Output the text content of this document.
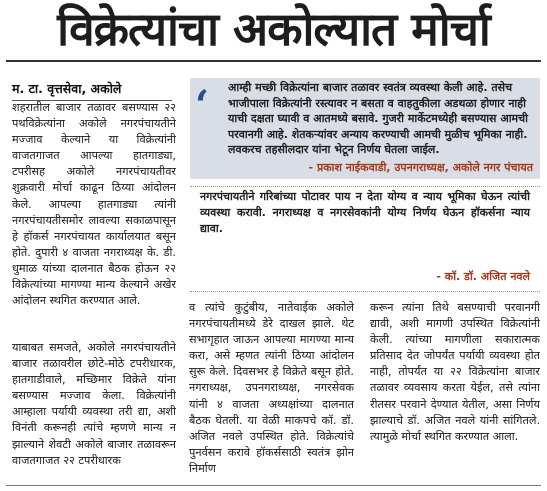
विक्रेत्यांचा अकोल्यात मोर्चा
म. टा. वृत्तसेवा, अकोले
शहरातील बाजार तळावर बसण्यास २२ पथविक्रेत्यांना अकोले नगरपंचायतीने मज्जाव केल्याने या विक्रेत्यांनी वाजतगाजत आपल्या हातगाड्या, टपरीसह अकोले नगरपंचायतीवर शुक्रवारी मोर्चा काढून ठिय्या आंदोलन केले. आपल्या हातगाड्या त्यांनी नगरपंचायतीसमोर लावल्या सकाळपासून हे हॉकर्स नगरपंचायत कार्यालयात बसून होते. दुपारी ४ वाजता नगराध्यक्ष के. डी. धुमाळ यांच्या दालनात बैठक होऊन २२ विक्रेत्यांच्या मागण्या मान्य केल्याने अखेर आंदोलन स्थगित करण्यात आले.
याबाबत समजते, अकोले नगरपंचायतीने बाजार तळावरील छोटे-मोठे टपरीधारक, हातगाडीवाले, मच्छिमार विक्रेते यांना बसण्यास मज्जाव केला. विक्रेत्यांनी आम्हाला पर्यायी व्यवस्था तरी द्या, अशी विनंती करूनही त्यांचे म्हणणे मान्य न झाल्याने शेवटी अकोले बाजार तळावरून वाजतगाजत २२ टपरीधारक
‘ आम्ही मच्छी विक्रेत्यांना बाजार तळावर स्वतंत्र व्यवस्था केली आहे. तसेच भाजीपाला विक्रेत्यांनी रस्त्यावर न बसता व वाहतुकीला अडथळा होणार नाही याची दक्षता घ्यावी व आतमध्ये बसावे. गुजरी मार्केटमध्येही बसण्यास आमची परवानगी आहे. शेतकऱ्यांवर अन्याय करण्याची आमची मुळीच भूमिका नाही. लवकरच तहसीलदार यांना भेटून निर्णय घेतला जाईल.
- प्रकाश नाईकवाडी, उपनगराध्यक्ष, अकोले नगर पंचायत
नगरपंचायतीने गरिबांच्या पोटावर पाय न देता योग्य व न्याय भूमिका घेऊन त्यांची व्यवस्था करावी. नगराध्यक्ष व नगरसेवकांनी योग्य निर्णय घेऊन हॉकर्सना न्याय द्यावा.
- कॉ. डॉ. अजित नवले
व त्यांचे कुटुंबीय, नातेवाईक अकोले नगरपंचायतीमध्ये डेरे दाखल झाले. थेट सभागृहात जाऊन आपल्या मागण्या मान्य करा, असे म्हणत त्यांनी ठिय्या आंदोलन सुरू केले. दिवसभर हे विक्रेते बसून होते. नगराध्यक्ष, उपनगराध्यक्ष, नगरसेवक यांनी ४ वाजता अध्यक्षांच्या दालनात बैठक घेतली. या वेळी माकपचे कॉ. डॉ. अजित नवले उपस्थित होते. विक्रेत्यांचे पुनर्वसन करावे हॉकर्ससाठी स्वतंत्र झोन निर्माण
करून त्यांना तिथे बसण्याची परवानगी द्यावी, अशी मागणी उपस्थित विक्रेत्यांनी केली. त्यांच्या मागणीला सकारात्मक प्रतिसाद देत जोपर्यंत पर्यायी व्यवस्था होत नाही, तोपर्यंत या २२ विक्रेत्यांना बाजार तळावर व्यवसाय करता येईल, तसे त्यांना रीतसर परवाने देण्यात येतील, असा निर्णय झाल्याचे डॉ. अजित नवले यांनी सांगितले. त्यामुळे मोर्चा स्थगित करण्यात आला.
